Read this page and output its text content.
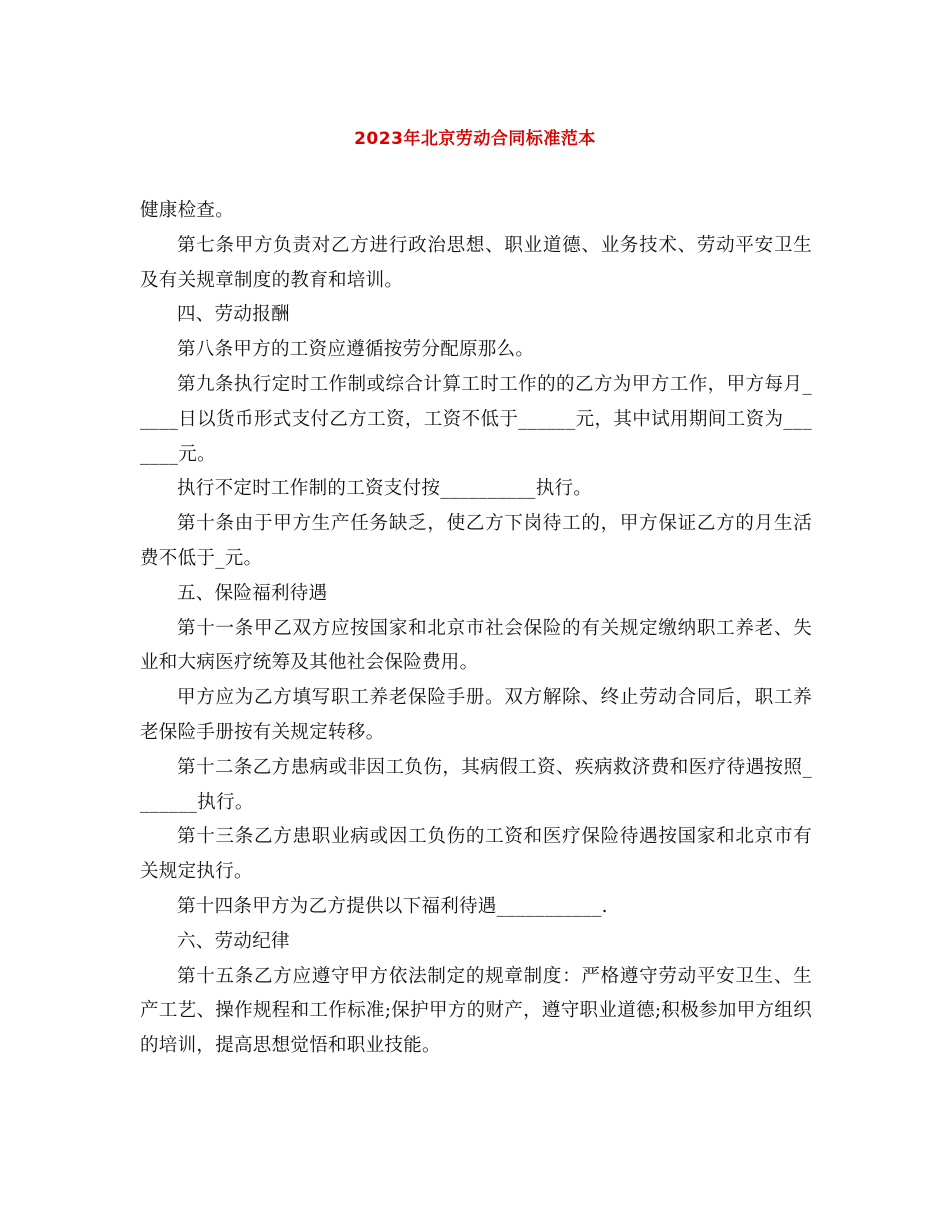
2023年北京劳动合同标准范本

健康检查。

第七条甲方负责对乙方进行政治思想、职业道德、业务技术、劳动平安卫生及有关规章制度的教育和培训。

四、劳动报酬

第八条甲方的工资应遵循按劳分配原那么。

第九条执行定时工作制或综合计算工时工作的的乙方为甲方工作，甲方每月_____日以货币形式支付乙方工资，工资不低于______元，其中试用期间工资为_______元。

执行不定时工作制的工资支付按__________执行。

第十条由于甲方生产任务缺乏，使乙方下岗待工的，甲方保证乙方的月生活费不低于_元。

五、保险福利待遇

第十一条甲乙双方应按国家和北京市社会保险的有关规定缴纳职工养老、失业和大病医疗统筹及其他社会保险费用。

甲方应为乙方填写职工养老保险手册。双方解除、终止劳动合同后，职工养老保险手册按有关规定转移。

第十二条乙方患病或非因工负伤，其病假工资、疾病救济费和医疗待遇按照_______执行。

第十三条乙方患职业病或因工负伤的工资和医疗保险待遇按国家和北京市有关规定执行。

第十四条甲方为乙方提供以下福利待遇___________.

六、劳动纪律

第十五条乙方应遵守甲方依法制定的规章制度：严格遵守劳动平安卫生、生产工艺、操作规程和工作标准;保护甲方的财产，遵守职业道德;积极参加甲方组织的培训，提高思想觉悟和职业技能。
